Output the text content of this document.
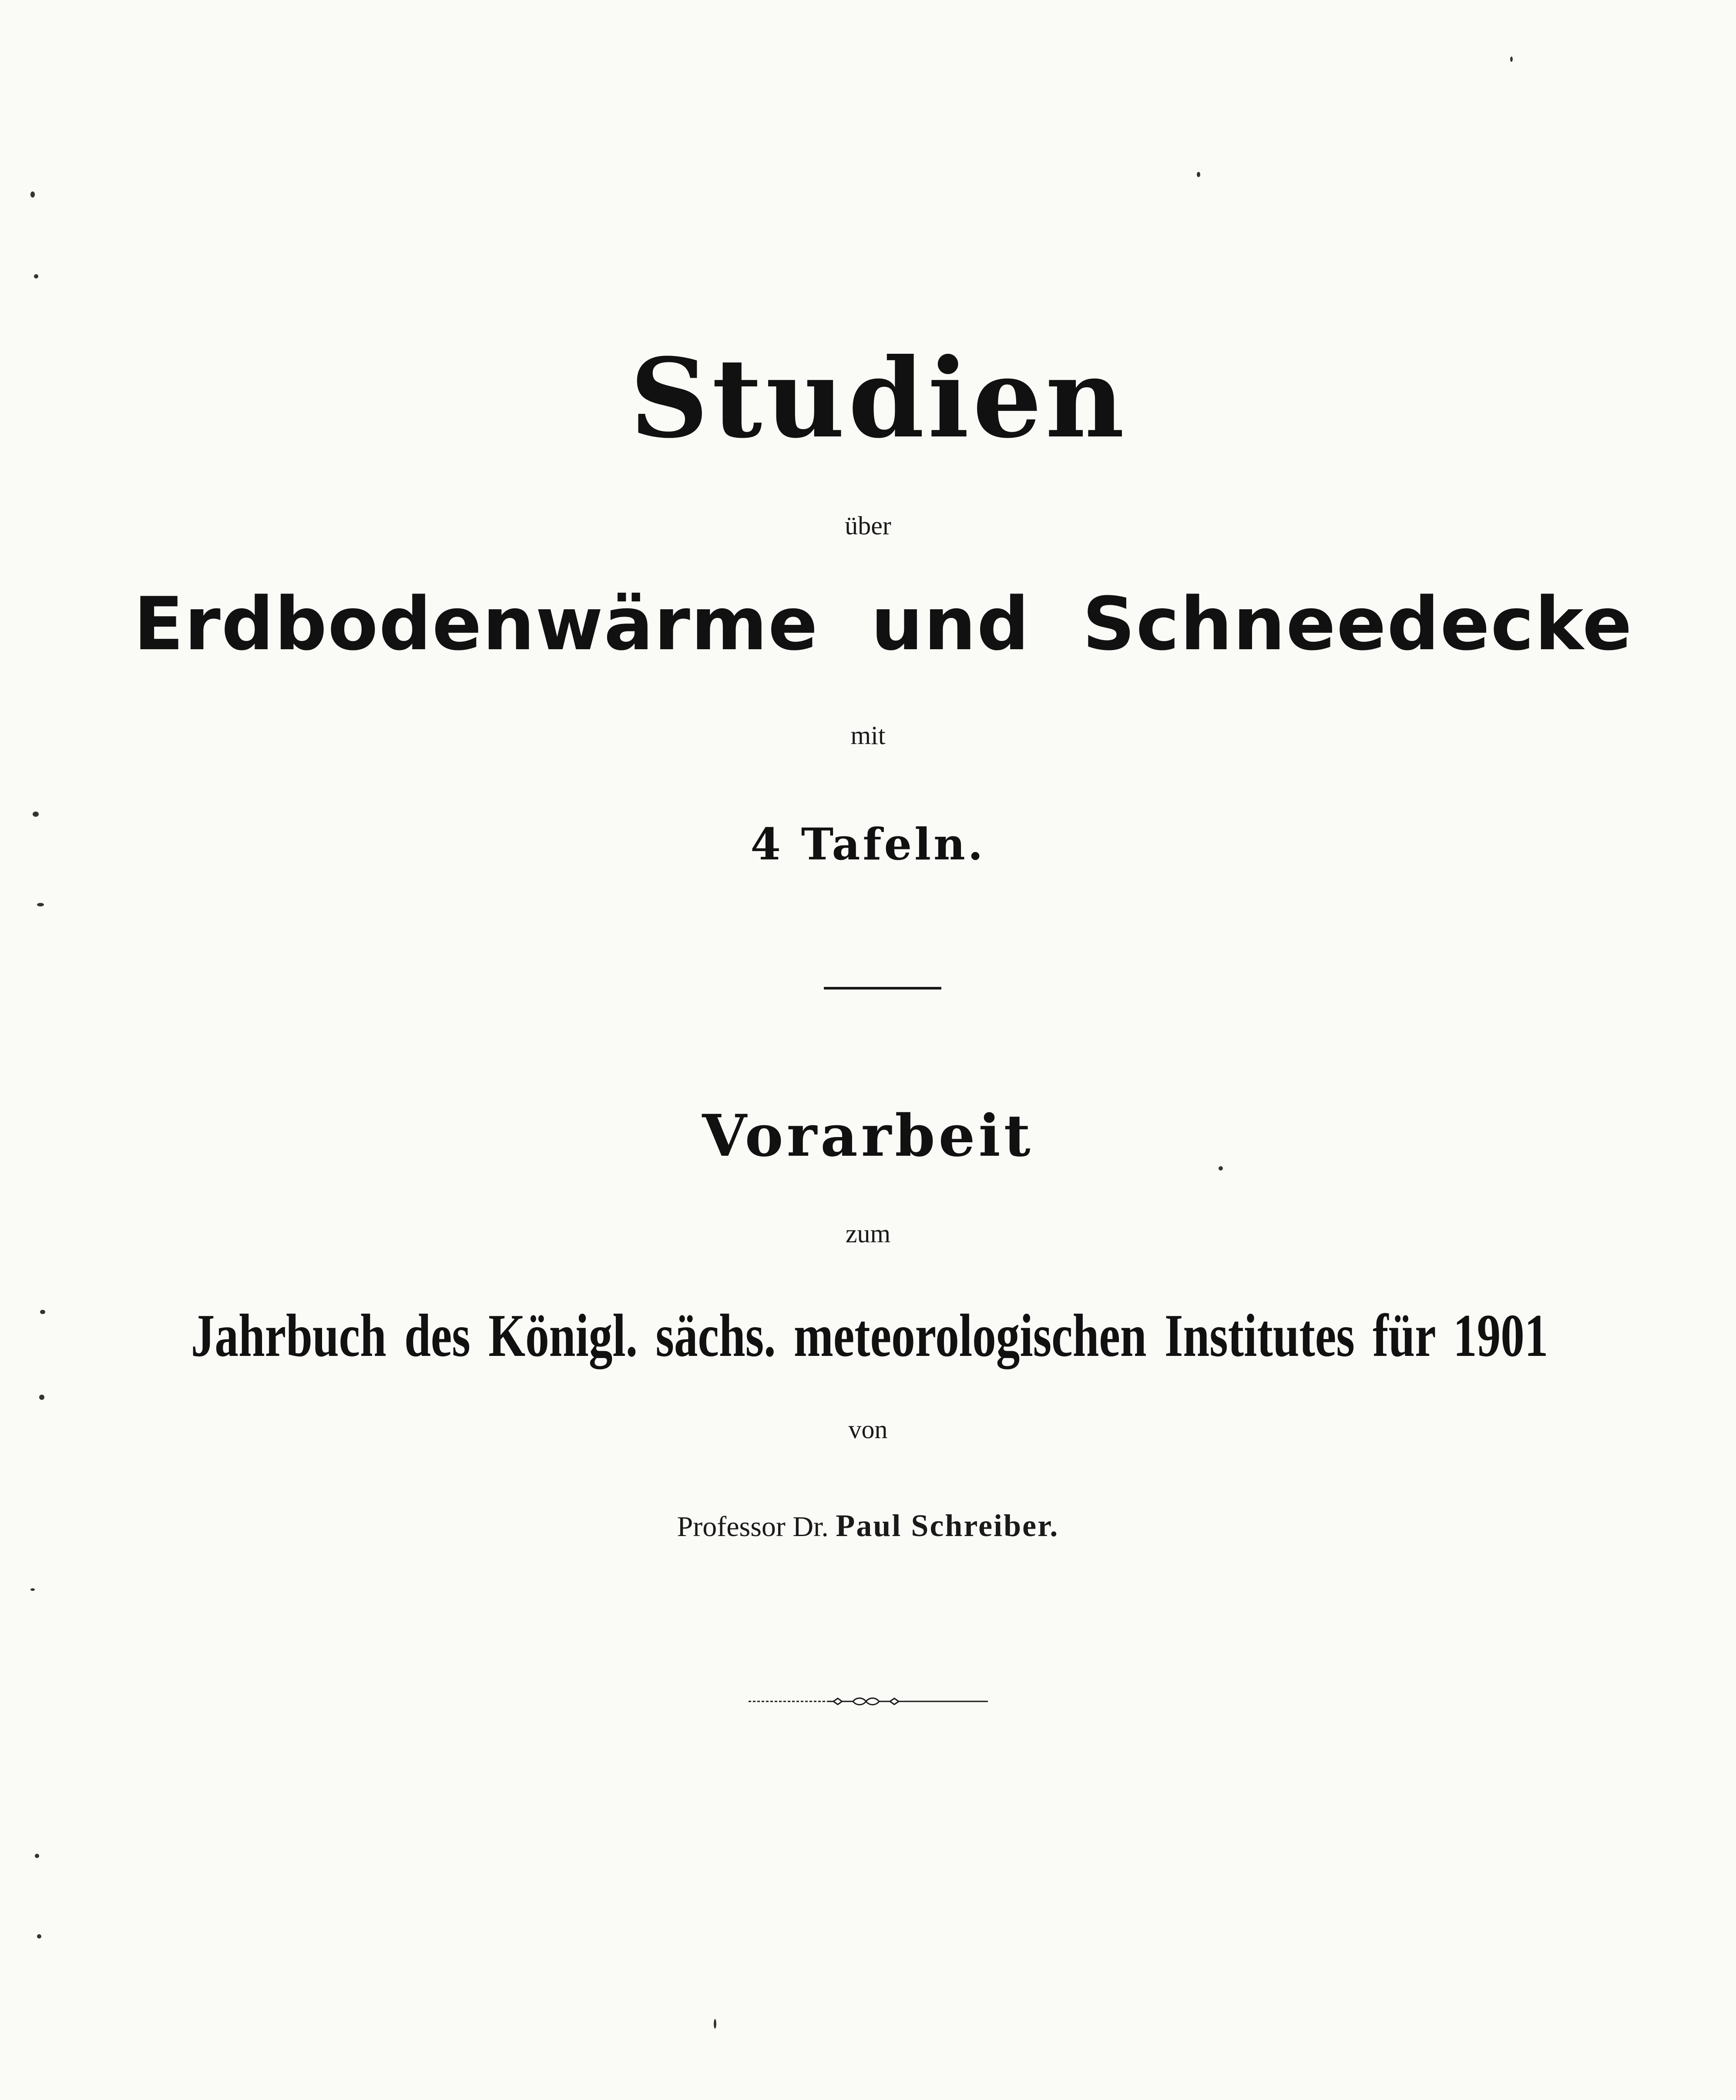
Studien
über
Erdbodenwärme und Schneedecke
mit
4 Tafeln.
Vorarbeit
zum
Jahrbuch des Königl. sächs. meteorologischen Institutes für 1901
von
Professor Dr. Paul Schreiber.
